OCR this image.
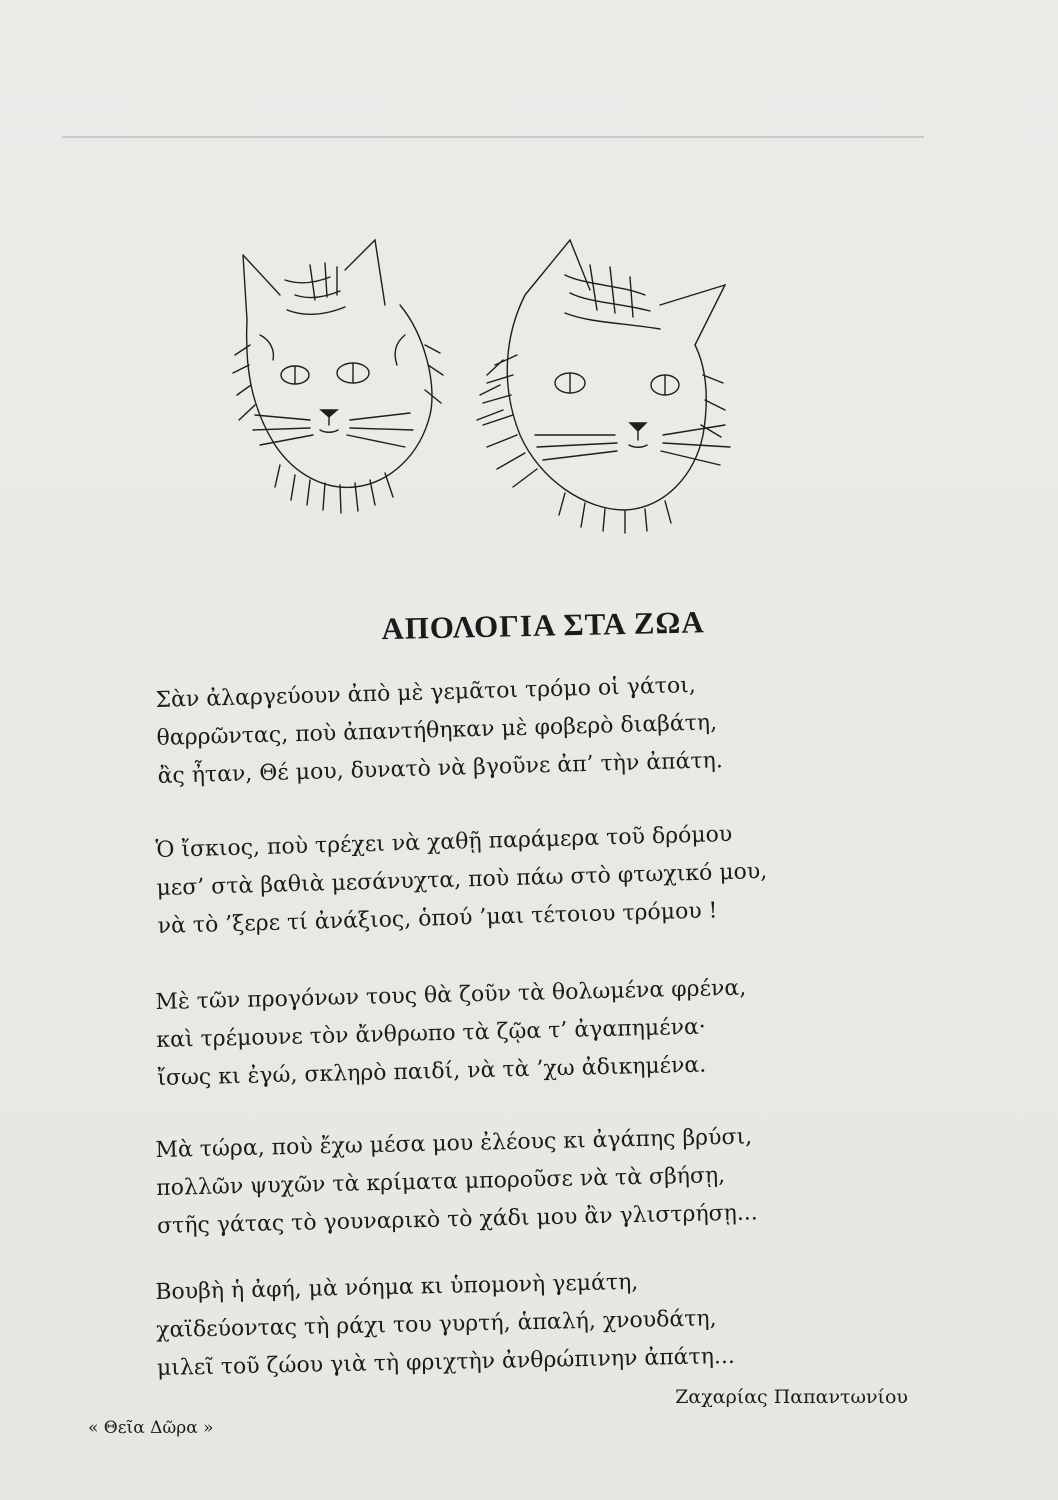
ΑΠΟΛΟΓΙΑ ΣΤΑ ΖΩΑ
Σὰν ἀλαργεύουν ἀπὸ μὲ γεμᾶτοι τρόμο οἱ γάτοι,
θαρρῶντας, ποὺ ἀπαντήθηκαν μὲ φοβερὸ διαβάτη,
ἂς ἦταν, Θέ μου, δυνατὸ νὰ βγοῦνε ἀπ’ τὴν ἀπάτη.
Ὁ ἴσκιος, ποὺ τρέχει νὰ χαθῇ παράμερα τοῦ δρόμου
μεσ’ στὰ βαθιὰ μεσάνυχτα, ποὺ πάω στὸ φτωχικό μου,
νὰ τὸ ’ξερε τί ἀνάξιος, ὁπού ’μαι τέτοιου τρόμου !
Μὲ τῶν προγόνων τους θὰ ζοῦν τὰ θολωμένα φρένα,
καὶ τρέμουνε τὸν ἄνθρωπο τὰ ζῷα τ’ ἀγαπημένα·
ἴσως κι ἐγώ, σκληρὸ παιδί, νὰ τὰ ’χω ἀδικημένα.
Μὰ τώρα, ποὺ ἔχω μέσα μου ἐλέους κι ἀγάπης βρύσι,
πολλῶν ψυχῶν τὰ κρίματα μποροῦσε νὰ τὰ σβήσῃ,
στῆς γάτας τὸ γουναρικὸ τὸ χάδι μου ἂν γλιστρήσῃ...
Βουβὴ ἡ ἀφή, μὰ νόημα κι ὑπομονὴ γεμάτη,
χαϊδεύοντας τὴ ράχι του γυρτή, ἁπαλή, χνουδάτη,
μιλεῖ τοῦ ζώου γιὰ τὴ φριχτὴν ἀνθρώπινην ἀπάτη...
Ζαχαρίας Παπαντωνίου
« Θεῖα Δῶρα »
